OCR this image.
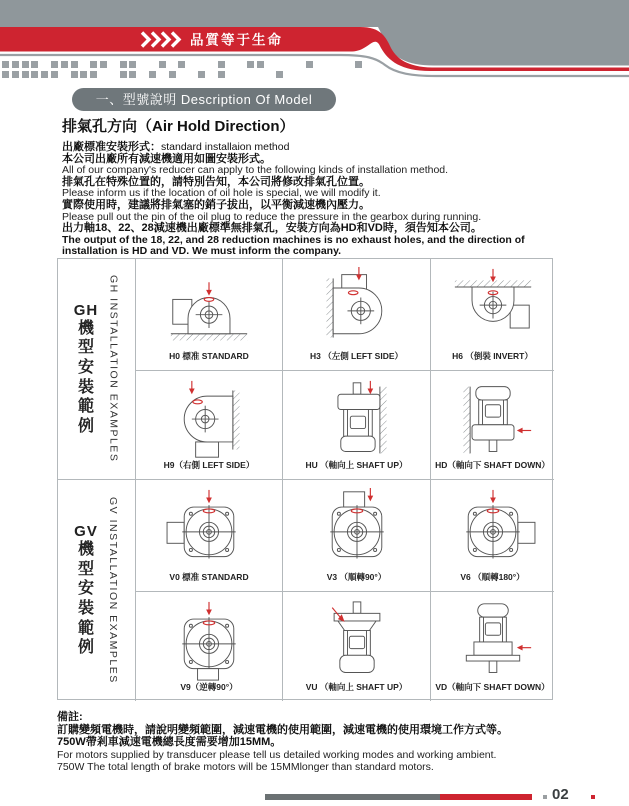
品質等于生命
一、型號說明 Description Of Model
排氣孔方向（Air Hold Direction）
出廠標准安裝形式：standard installaion method
本公司出廠所有減速機適用如圖安裝形式。
All of our company's reducer can apply to the following kinds of installation method.
排氣孔在特殊位置的，請特別告知，本公司將修改排氣孔位置。
Please inform us if the location of oil hole is special, we will modify it.
實際使用時，建議將排氣塞的銷子拔出，以平衡減速機內壓力。
Please pull out the pin of the oil plug to reduce the pressure in the gearbox during running.
出力軸18、22、28減速機出廠標準無排氣孔，安裝方向為HD和VD時，須告知本公司。
The output of the 18, 22, and 28 reduction machines is no exhaust holes, and the direction of
installation is HD and VD. We must inform the company.
GH
機型安裝範例 GH INSTALLATION EXAMPLES	H0 標准 STANDARD	H3 （左側 LEFT SIDE）	H6 （倒裝 INVERT）
H9（右側 LEFT SIDE）	HU （軸向上 SHAFT UP）	HD（軸向下 SHAFT DOWN）
GV
機型安裝範例 GV INSTALLATION EXAMPLES	V0 標准 STANDARD	V3 （順轉90°）	V6 （順轉180°）
V9（逆轉90°）	VU （軸向上 SHAFT UP）	VD（軸向下 SHAFT DOWN）
備註:
訂購變頻電機時，請說明變頻範圍，減速電機的使用範圍，減速電機的使用環境工作方式等。
750W帶剎車減速電機總長度需要增加15MM。
For motors supplied by transducer please tell us detailed working modes and working ambient.
750W The total length of brake motors will be 15MMlonger than standard motors.
02
